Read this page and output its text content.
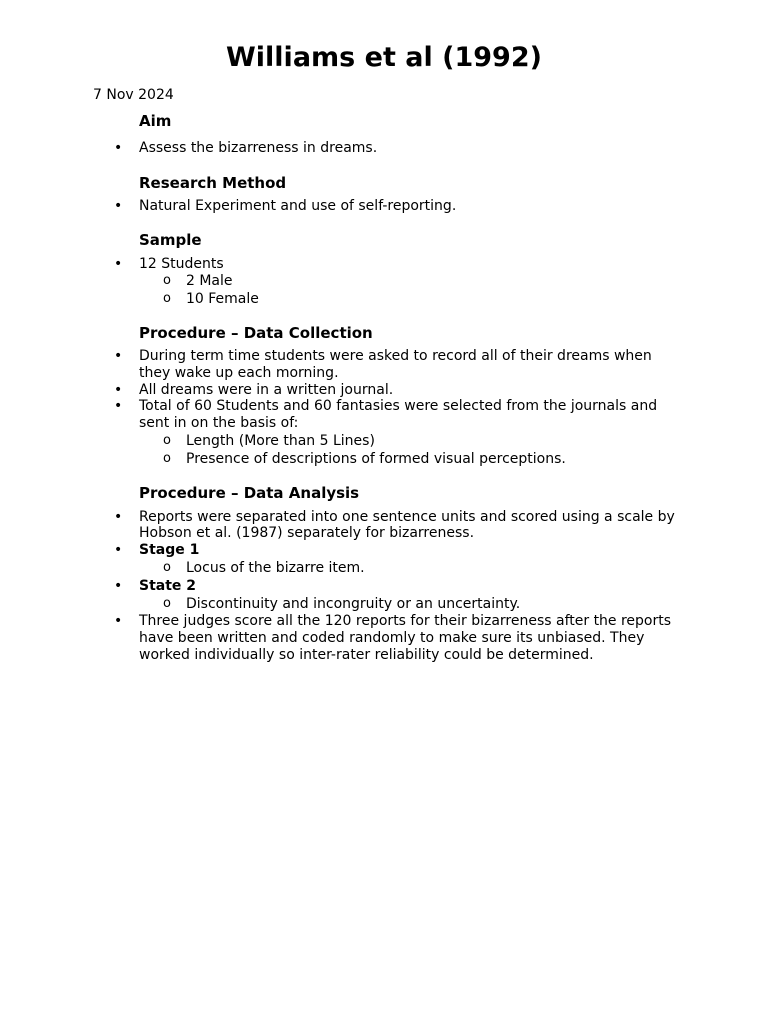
Williams et al (1992)

7 Nov 2024

Aim
• Assess the bizarreness in dreams.
Research Method
• Natural Experiment and use of self-reporting.
Sample
• 12 Students
o 2 Male
o 10 Female
Procedure – Data Collection
• During term time students were asked to record all of their dreams when they wake up each morning.
• All dreams were in a written journal.
• Total of 60 Students and 60 fantasies were selected from the journals and sent in on the basis of:
o Length (More than 5 Lines)
o Presence of descriptions of formed visual perceptions.
Procedure – Data Analysis
• Reports were separated into one sentence units and scored using a scale by Hobson et al. (1987) separately for bizarreness.
• Stage 1
o Locus of the bizarre item.
• State 2
o Discontinuity and incongruity or an uncertainty.
• Three judges score all the 120 reports for their bizarreness after the reports have been written and coded randomly to make sure its unbiased. They worked individually so inter-rater reliability could be determined.
